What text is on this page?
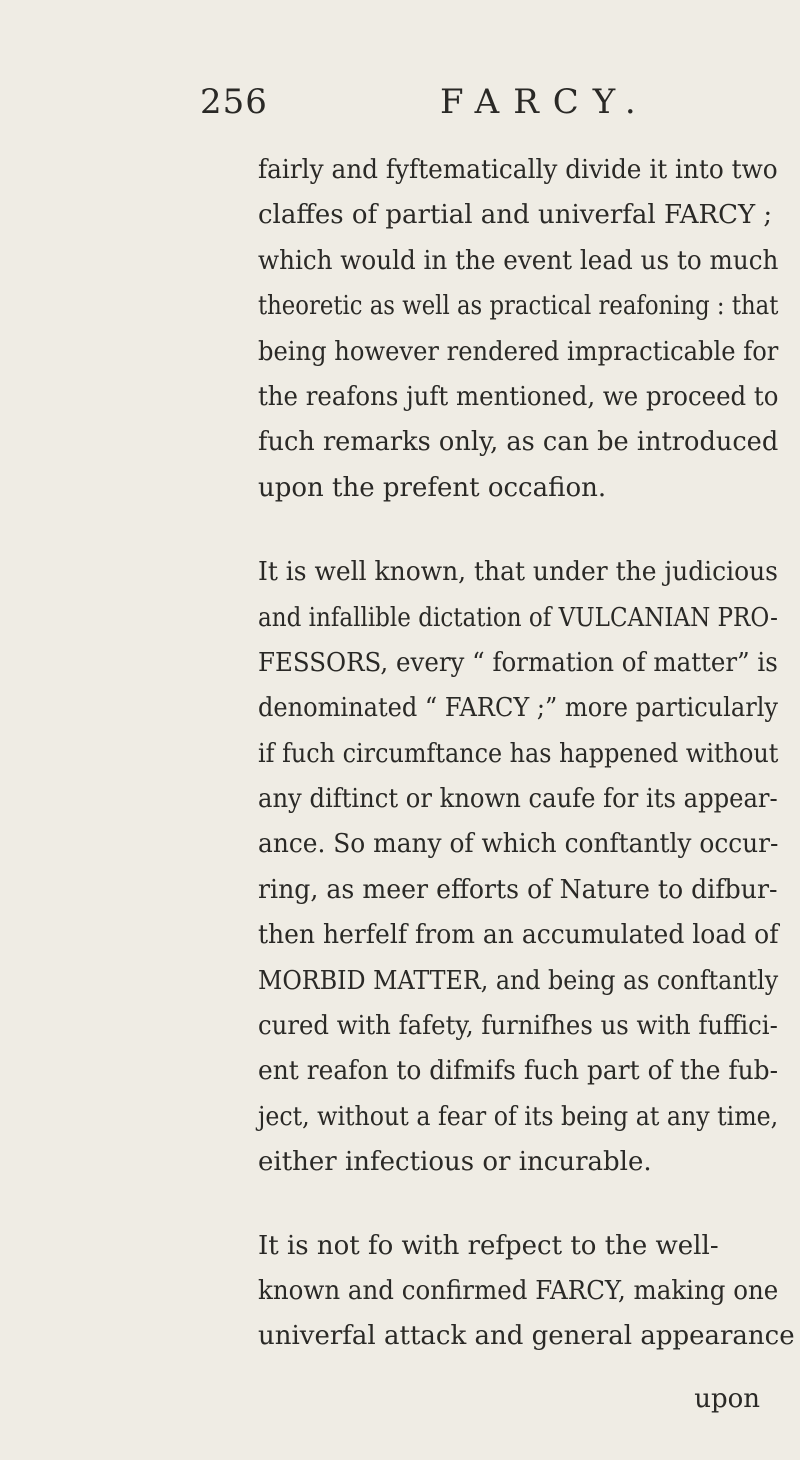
256	FARCY.
fairly and fyftematically divide it into two
claffes of partial and univerfal FARCY ;
which would in the event lead us to much
theoretic as well as practical reafoning : that
being however rendered impracticable for
the reafons juft mentioned, we proceed to
fuch remarks only, as can be introduced
upon the prefent occafion.
It is well known, that under the judicious
and infallible dictation of VULCANIAN PRO-
FESSORS, every “ formation of matter” is
denominated “ FARCY ;” more particularly
if fuch circumftance has happened without
any diftinct or known caufe for its appear-
ance. So many of which conftantly occur-
ring, as meer efforts of Nature to difbur-
then herfelf from an accumulated load of
MORBID MATTER, and being as conftantly
cured with fafety, furnifhes us with fuffici-
ent reafon to difmifs fuch part of the fub-
ject, without a fear of its being at any time,
either infectious or incurable.
It is not fo with refpect to the well-
known and confirmed FARCY, making one
univerfal attack and general appearance
upon
